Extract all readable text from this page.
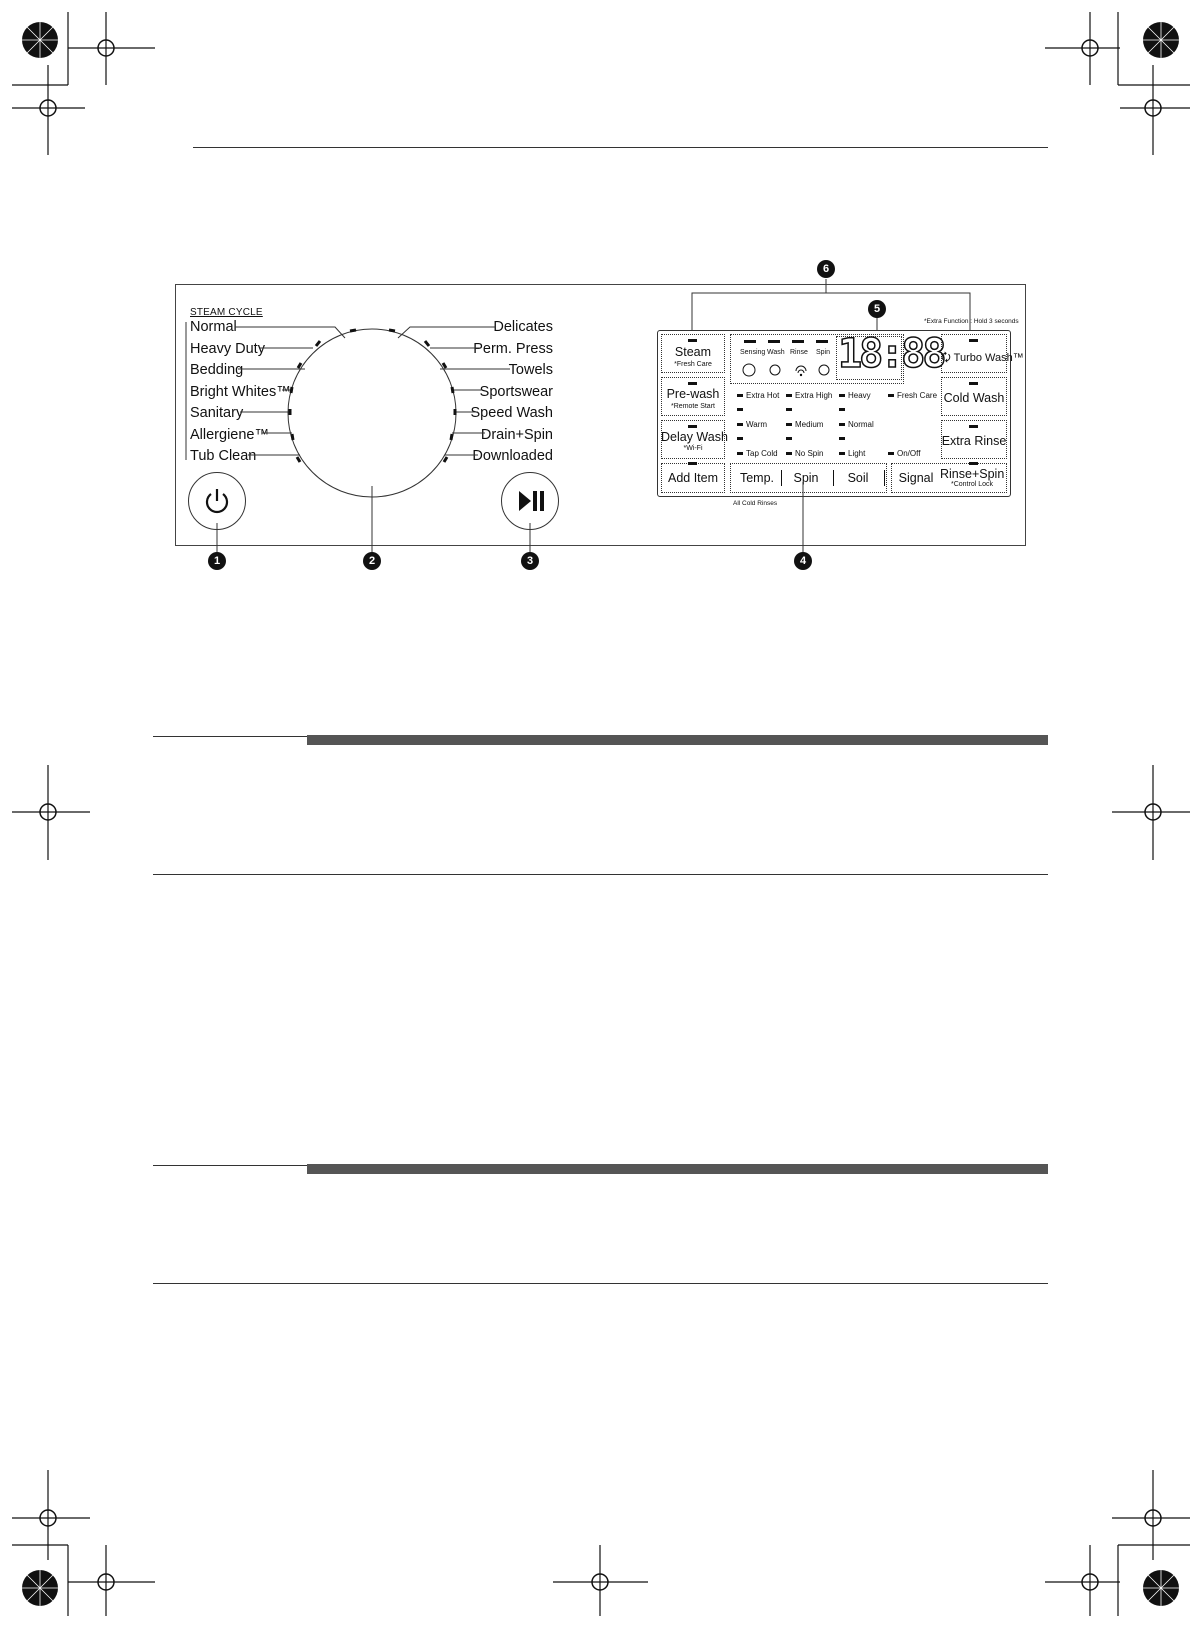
STEAM CYCLE
Normal
Heavy Duty
Bedding
Bright Whites™
Sanitary
Allergiene™
Tub Clean
Delicates
Perm. Press
Towels
Sportswear
Speed Wash
Drain+Spin
Downloaded
1	2	3	4
5
6
*Extra Function : Hold 3 seconds
Steam
*Fresh Care
Pre-wash
*Remote Start
Delay Wash
*Wi-Fi
Add Item
Sensing Wash Rinse Spin 18:88
Extra Hot	Extra High	Heavy	Fresh Care
Warm	Medium	Normal
Tap Cold	No Spin	Light	On/Off
Temp.	Spin	Soil	Signal Rinse+Spin
*Control Lock
All Cold Rinses
🗘︎ Turbo Wash™
Cold Wash
Extra Rinse
